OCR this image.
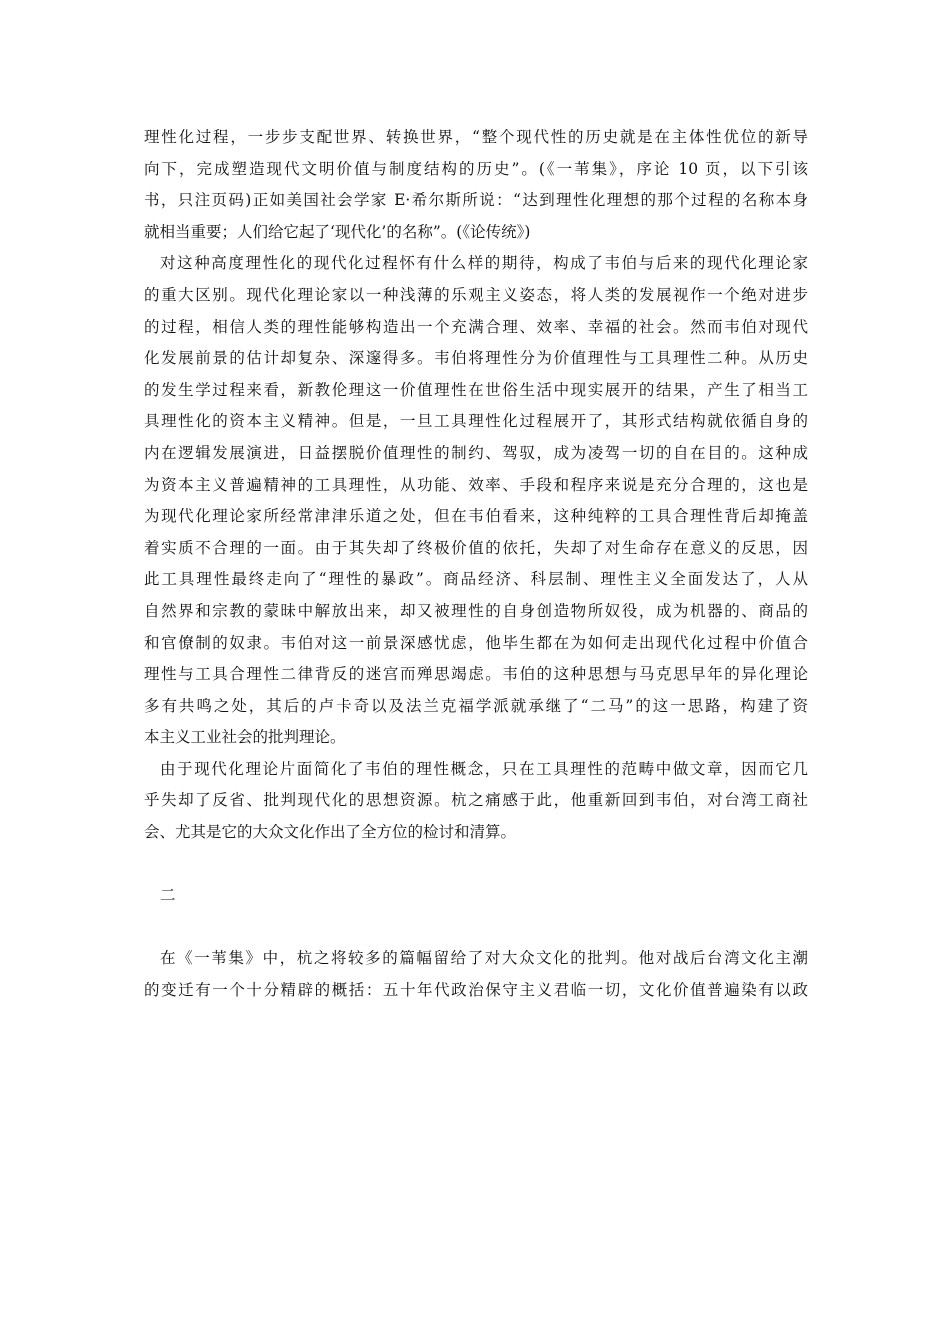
理性化过程，一步步支配世界、转换世界，“整个现代性的历史就是在主体性优位的新导
向下，完成塑造现代文明价值与制度结构的历史”。(《一苇集》，序论 10 页，以下引该
书，只注页码)正如美国社会学家 E·希尔斯所说：“达到理性化理想的那个过程的名称本身
就相当重要；人们给它起了‘现代化’的名称”。(《论传统》)
对这种高度理性化的现代化过程怀有什么样的期待，构成了韦伯与后来的现代化理论家
的重大区别。现代化理论家以一种浅薄的乐观主义姿态，将人类的发展视作一个绝对进步
的过程，相信人类的理性能够构造出一个充满合理、效率、幸福的社会。然而韦伯对现代
化发展前景的估计却复杂、深邃得多。韦伯将理性分为价值理性与工具理性二种。从历史
的发生学过程来看，新教伦理这一价值理性在世俗生活中现实展开的结果，产生了相当工
具理性化的资本主义精神。但是，一旦工具理性化过程展开了，其形式结构就依循自身的
内在逻辑发展演进，日益摆脱价值理性的制约、驾驭，成为凌驾一切的自在目的。这种成
为资本主义普遍精神的工具理性，从功能、效率、手段和程序来说是充分合理的，这也是
为现代化理论家所经常津津乐道之处，但在韦伯看来，这种纯粹的工具合理性背后却掩盖
着实质不合理的一面。由于其失却了终极价值的依托，失却了对生命存在意义的反思，因
此工具理性最终走向了“理性的暴政”。商品经济、科层制、理性主义全面发达了，人从
自然界和宗教的蒙昧中解放出来，却又被理性的自身创造物所奴役，成为机器的、商品的
和官僚制的奴隶。韦伯对这一前景深感忧虑，他毕生都在为如何走出现代化过程中价值合
理性与工具合理性二律背反的迷宫而殚思竭虑。韦伯的这种思想与马克思早年的异化理论
多有共鸣之处，其后的卢卡奇以及法兰克福学派就承继了“二马”的这一思路，构建了资
本主义工业社会的批判理论。
由于现代化理论片面简化了韦伯的理性概念，只在工具理性的范畴中做文章，因而它几
乎失却了反省、批判现代化的思想资源。杭之痛感于此，他重新回到韦伯，对台湾工商社
会、尤其是它的大众文化作出了全方位的检讨和清算。
二
在《一苇集》中，杭之将较多的篇幅留给了对大众文化的批判。他对战后台湾文化主潮
的变迁有一个十分精辟的概括：五十年代政治保守主义君临一切，文化价值普遍染有以政
